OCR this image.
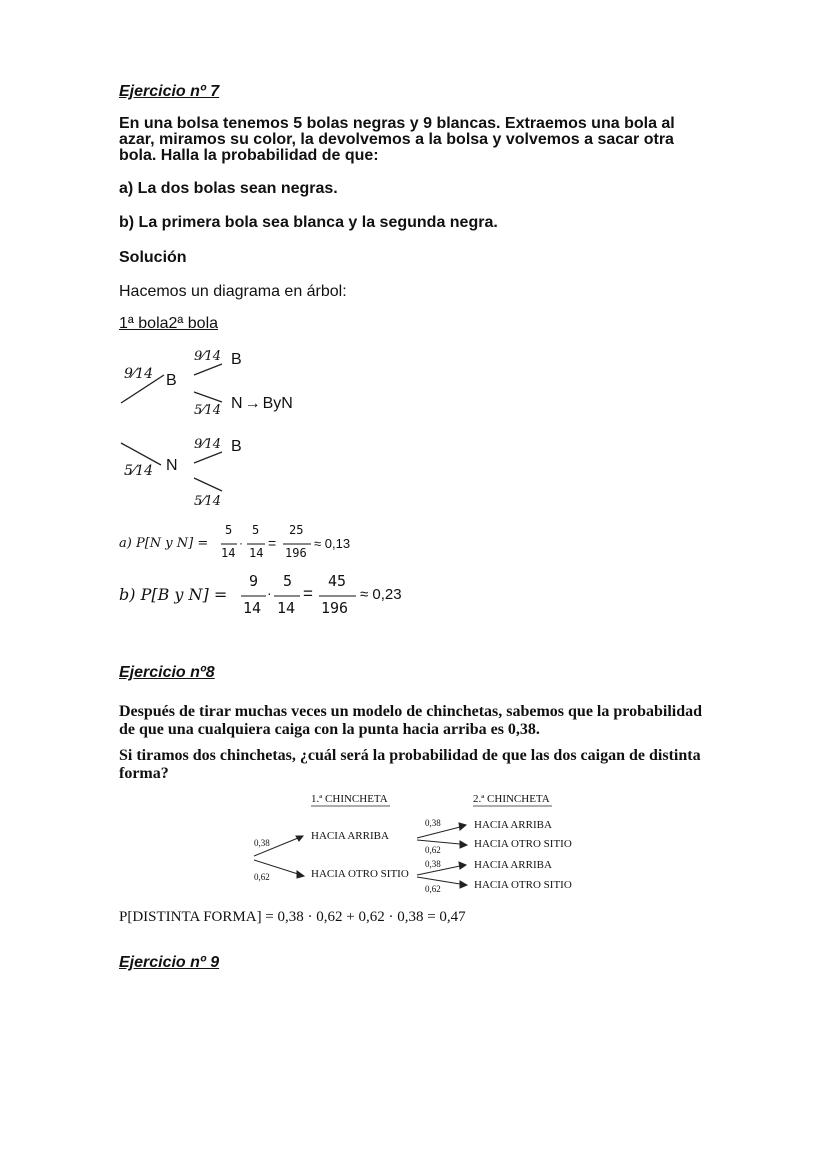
Ejercicio nº 7
En una bolsa tenemos 5 bolas negras y 9 blancas. Extraemos una bola al
azar, miramos su color, la devolvemos a la bolsa y volvemos a sacar otra
bola. Halla la probabilidad de que:
a) La dos bolas sean negras.
b) La primera bola sea blanca y la segunda negra.
Solución
Hacemos un diagrama en árbol:
1ª bola2ª bola
9⁄14 B
9⁄14 B
N → ByN
5⁄14
9⁄14 B
N
5⁄14
5⁄14
a) P[N y N] =
5
14
·
5
14
=
25
196
≈ 0,13
b) P[B y N] =
9
14
·
5
14
=
45
196
≈ 0,23
Ejercicio nº8
Después de tirar muchas veces un modelo de chinchetas, sabemos que la probabilidad
de que una cualquiera caiga con la punta hacia arriba es 0,38.
Si tiramos dos chinchetas, ¿cuál será la probabilidad de que las dos caigan de distinta
forma?
1.ª CHINCHETA	2.ª CHINCHETA
0,38
HACIA ARRIBA
0,62	HACIA OTRO SITIO
0,38	HACIA ARRIBA
0,62	HACIA OTRO SITIO
0,38	HACIA ARRIBA
0,62	HACIA OTRO SITIO
P[DISTINTA FORMA] = 0,38 · 0,62 + 0,62 · 0,38 = 0,47
Ejercicio nº 9
